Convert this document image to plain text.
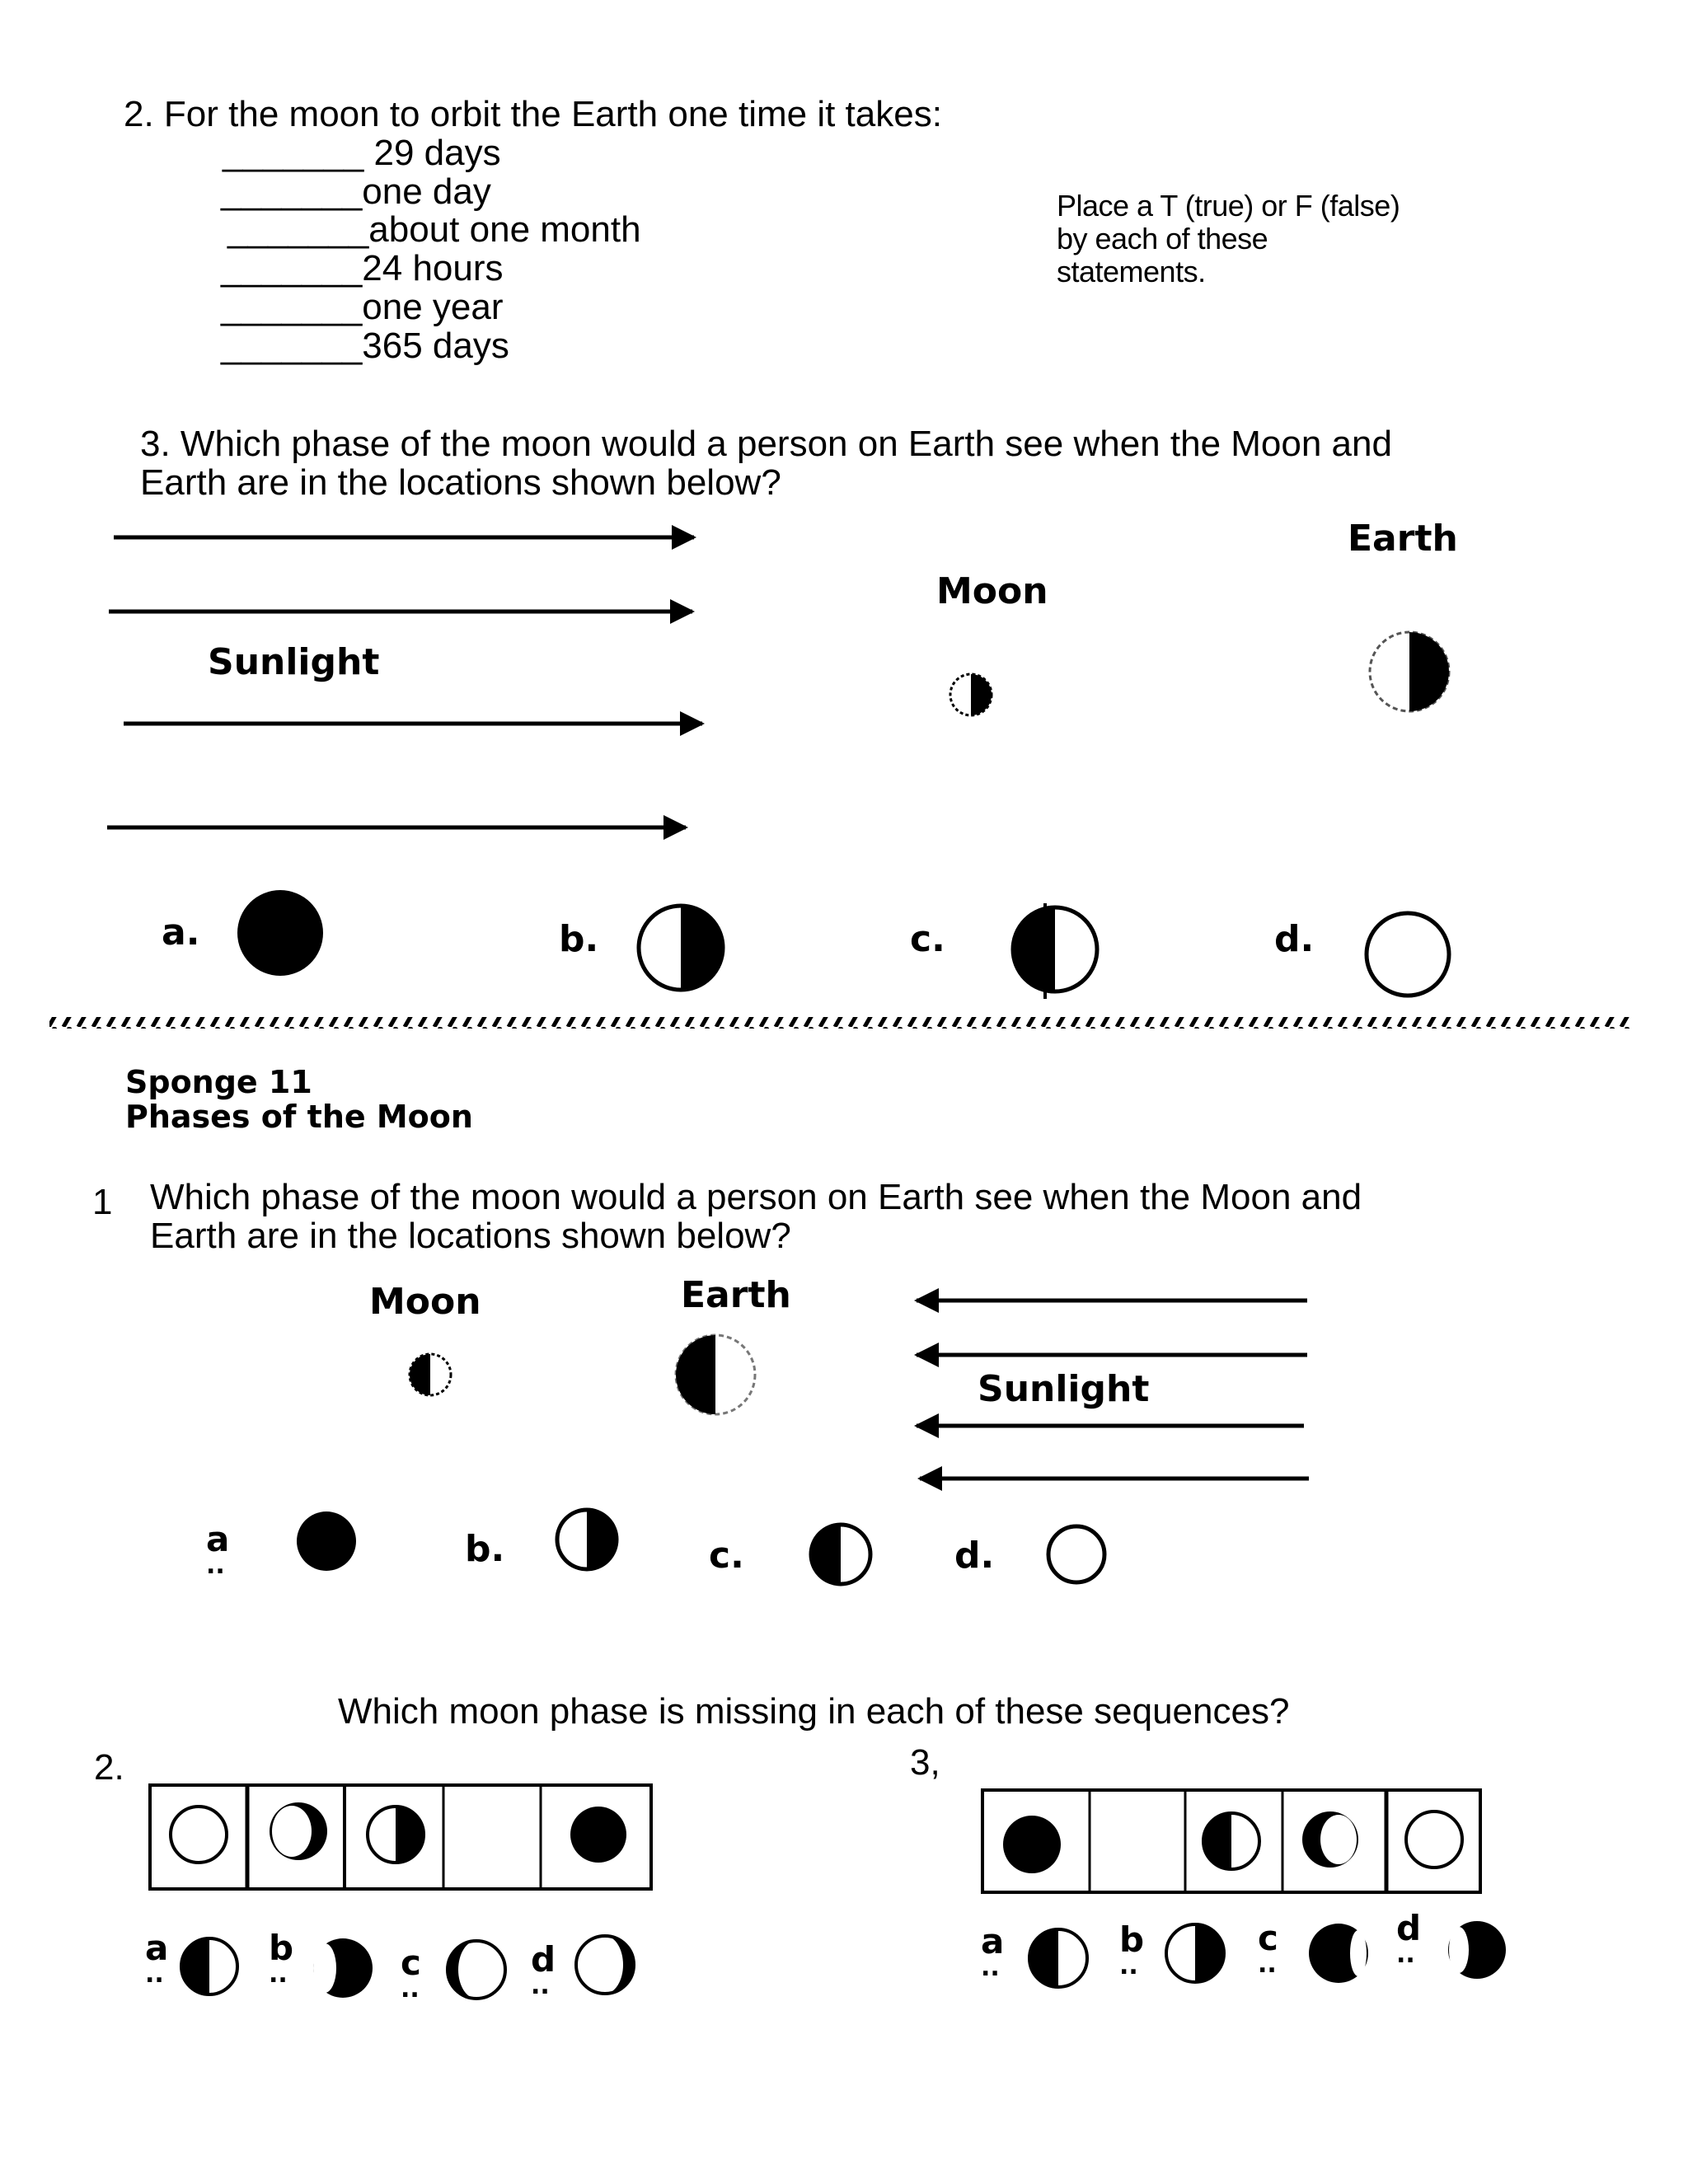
2. For the moon to orbit the Earth one time it takes:
_______ 29 days
_______one day
_______about one month
_______24 hours
_______one year
_______365 days
Place a T (true) or F (false) by each of these statements.
3. Which phase of the moon would a person on Earth see when the Moon and
Earth are in the locations shown below?
Earth
Moon
Sunlight
a.	b.	c.	d.
Sponge 11
Phases of the Moon
1 Which phase of the moon would a person on Earth see when the Moon and
Earth are in the locations shown below?
Moon	Earth
Sunlight
a
..	b.	c.	d.
Which moon phase is missing in each of these sequences?
2.	3,
a
..
b
..	c
..
d
..
a
..
b
..
c
..
d
..
